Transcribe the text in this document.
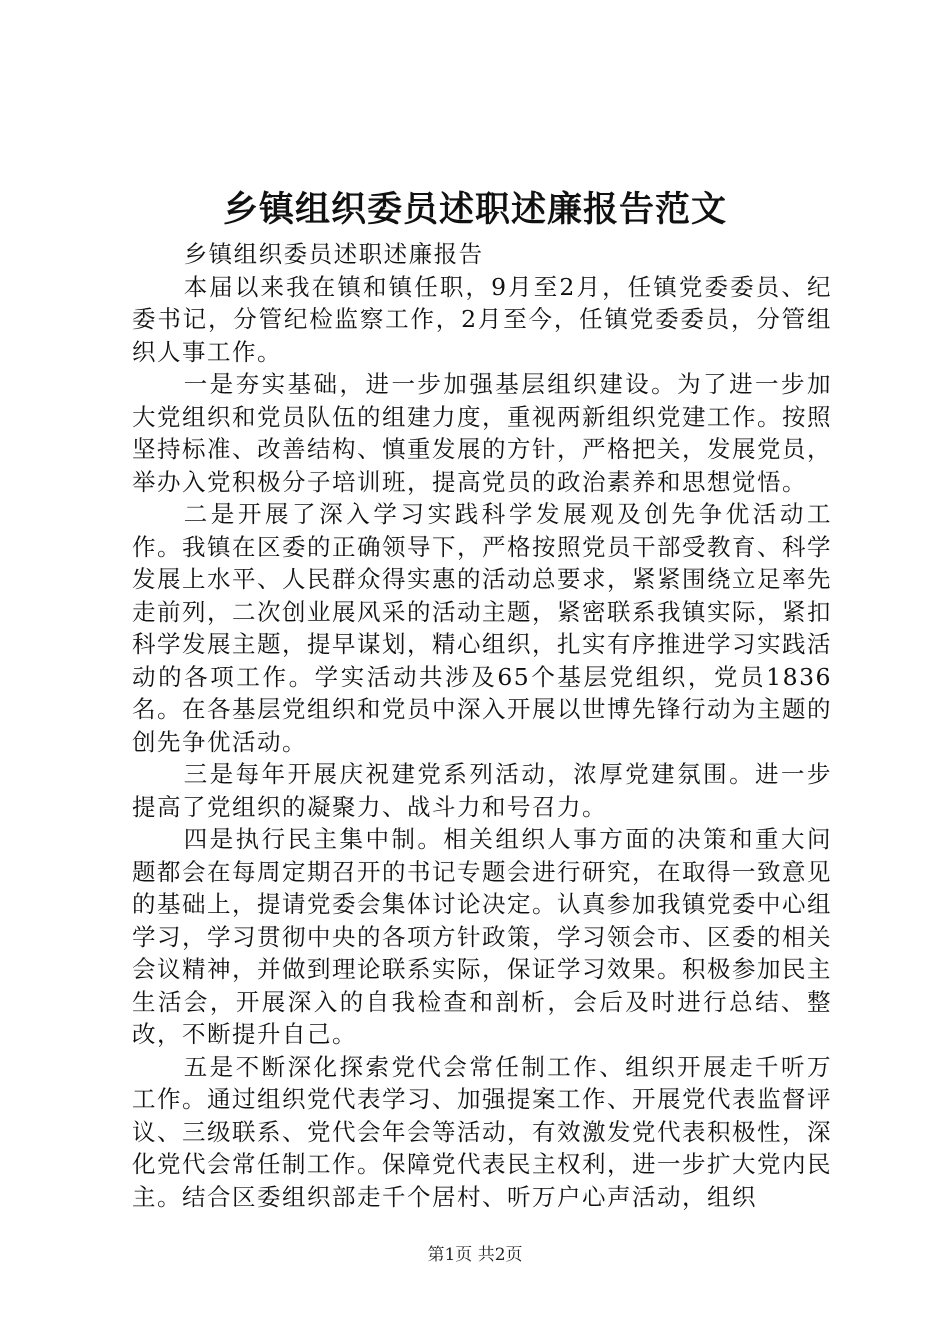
乡镇组织委员述职述廉报告范文

乡镇组织委员述职述廉报告

本届以来我在镇和镇任职，9月至2月，任镇党委委员、纪委书记，分管纪检监察工作，2月至今，任镇党委委员，分管组织人事工作。

一是夯实基础，进一步加强基层组织建设。为了进一步加大党组织和党员队伍的组建力度，重视两新组织党建工作。按照坚持标准、改善结构、慎重发展的方针，严格把关，发展党员，举办入党积极分子培训班，提高党员的政治素养和思想觉悟。

二是开展了深入学习实践科学发展观及创先争优活动工作。我镇在区委的正确领导下，严格按照党员干部受教育、科学发展上水平、人民群众得实惠的活动总要求，紧紧围绕立足率先走前列，二次创业展风采的活动主题，紧密联系我镇实际，紧扣科学发展主题，提早谋划，精心组织，扎实有序推进学习实践活动的各项工作。学实活动共涉及65个基层党组织，党员1836名。在各基层党组织和党员中深入开展以世博先锋行动为主题的创先争优活动。

三是每年开展庆祝建党系列活动，浓厚党建氛围。进一步提高了党组织的凝聚力、战斗力和号召力。

四是执行民主集中制。相关组织人事方面的决策和重大问题都会在每周定期召开的书记专题会进行研究，在取得一致意见的基础上，提请党委会集体讨论决定。认真参加我镇党委中心组学习，学习贯彻中央的各项方针政策，学习领会市、区委的相关会议精神，并做到理论联系实际，保证学习效果。积极参加民主生活会，开展深入的自我检查和剖析，会后及时进行总结、整改，不断提升自己。

五是不断深化探索党代会常任制工作、组织开展走千听万工作。通过组织党代表学习、加强提案工作、开展党代表监督评议、三级联系、党代会年会等活动，有效激发党代表积极性，深化党代会常任制工作。保障党代表民主权利，进一步扩大党内民主。结合区委组织部走千个居村、听万户心声活动，组织

第1页 共2页
